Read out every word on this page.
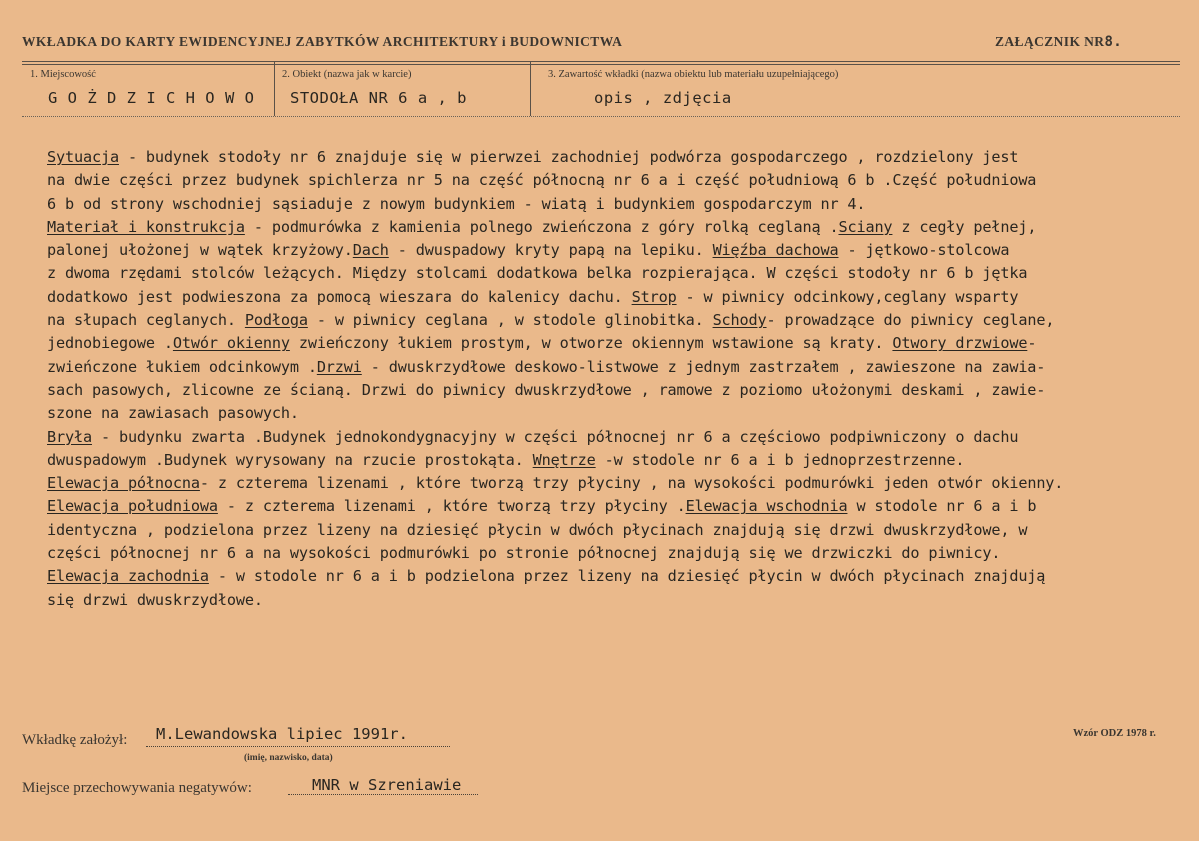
WKŁADKA DO KARTY EWIDENCYJNEJ ZABYTKÓW ARCHITEKTURY i BUDOWNICTWA	ZAŁĄCZNIK NR8.
1. Miejscowość
G O Ż D Z I C H O W O
2. Obiekt (nazwa jak w karcie)
STODOŁA NR 6 a , b
3. Zawartość wkładki (nazwa obiektu lub materiału uzupełniającego)
opis , zdjęcia

Sytuacja - budynek stodoły nr 6 znajduje się w pierwzei zachodniej podwórza gospodarczego , rozdzielony jest

na dwie części przez budynek spichlerza nr 5 na część północną nr 6 a i część południową 6 b .Część południowa

6 b od strony wschodniej sąsiaduje z nowym budynkiem - wiatą i budynkiem gospodarczym nr 4.

Materiał i konstrukcja - podmurówka z kamienia polnego zwieńczona z góry rolką ceglaną .Sciany z cegły pełnej,

palonej ułożonej w wątek krzyżowy.Dach - dwuspadowy kryty papą na lepiku. Więźba dachowa - jętkowo-stolcowa

z dwoma rzędami stolców leżących. Między stolcami dodatkowa belka rozpierająca. W części stodoły nr 6 b jętka

dodatkowo jest podwieszona za pomocą wieszara do kalenicy dachu. Strop - w piwnicy odcinkowy,ceglany wsparty

na słupach ceglanych. Podłoga - w piwnicy ceglana , w stodole glinobitka. Schody- prowadzące do piwnicy ceglane,

jednobiegowe .Otwór okienny zwieńczony łukiem prostym, w otworze okiennym wstawione są kraty. Otwory drzwiowe-

zwieńczone łukiem odcinkowym .Drzwi - dwuskrzydłowe deskowo-listwowe z jednym zastrzałem , zawieszone na zawia-

sach pasowych, zlicowne ze ścianą. Drzwi do piwnicy dwuskrzydłowe , ramowe z poziomo ułożonymi deskami , zawie-

szone na zawiasach pasowych.

Bryła - budynku zwarta .Budynek jednokondygnacyjny w części północnej nr 6 a częściowo podpiwniczony o dachu

dwuspadowym .Budynek wyrysowany na rzucie prostokąta. Wnętrze -w stodole nr 6 a i b jednoprzestrzenne.

Elewacja północna- z czterema lizenami , które tworzą trzy płyciny , na wysokości podmurówki jeden otwór okienny.

Elewacja południowa - z czterema lizenami , które tworzą trzy płyciny .Elewacja wschodnia w stodole nr 6 a i b

identyczna , podzielona przez lizeny na dziesięć płycin w dwóch płycinach znajdują się drzwi dwuskrzydłowe, w

części północnej nr 6 a na wysokości podmurówki po stronie północnej znajdują się we drzwiczki do piwnicy.

Elewacja zachodnia - w stodole nr 6 a i b podzielona przez lizeny na dziesięć płycin w dwóch płycinach znajdują

się drzwi dwuskrzydłowe.

Wkładkę założył: M.Lewandowska lipiec 1991r.
(imię, nazwisko, data)
Wzór ODZ 1978 r.
Miejsce przechowywania negatywów:	MNR w Szreniawie
